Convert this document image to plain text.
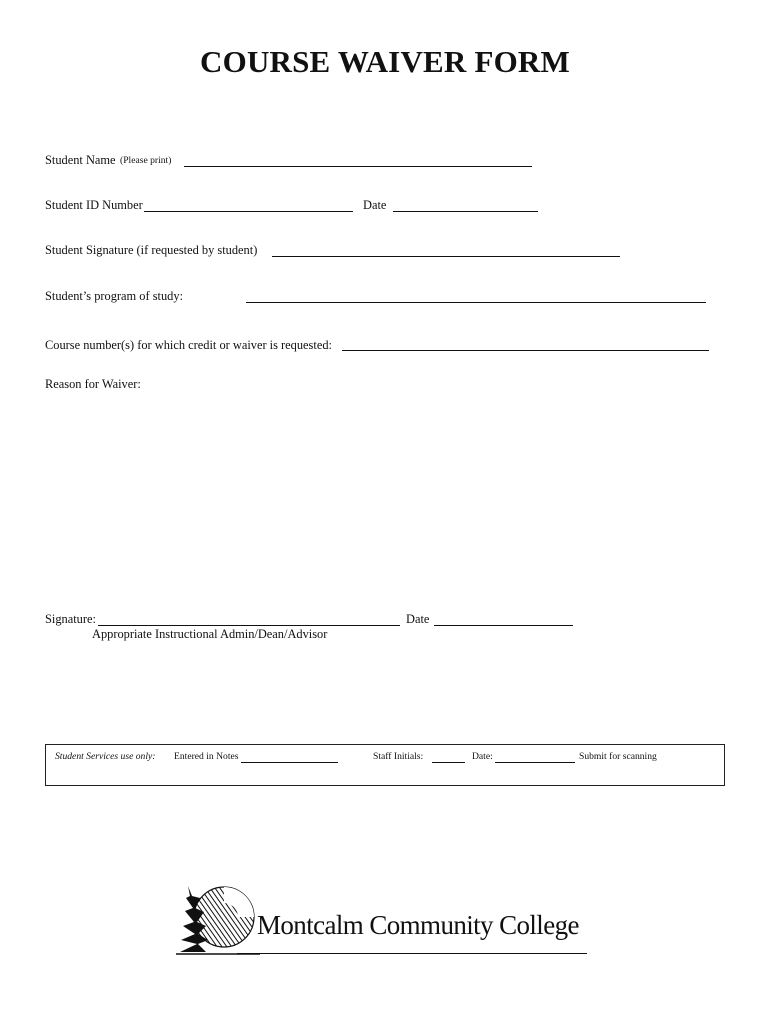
COURSE WAIVER FORM
Student Name (Please print)
Student ID Number	Date
Student Signature (if requested by student)
Student’s program of study:
Course number(s) for which credit or waiver is requested:
Reason for Waiver:
Signature:	Date
Appropriate Instructional Admin/Dean/Advisor
Student Services use only: Entered in Notes	Staff Initials:	Date:	Submit for scanning
Montcalm Community College
